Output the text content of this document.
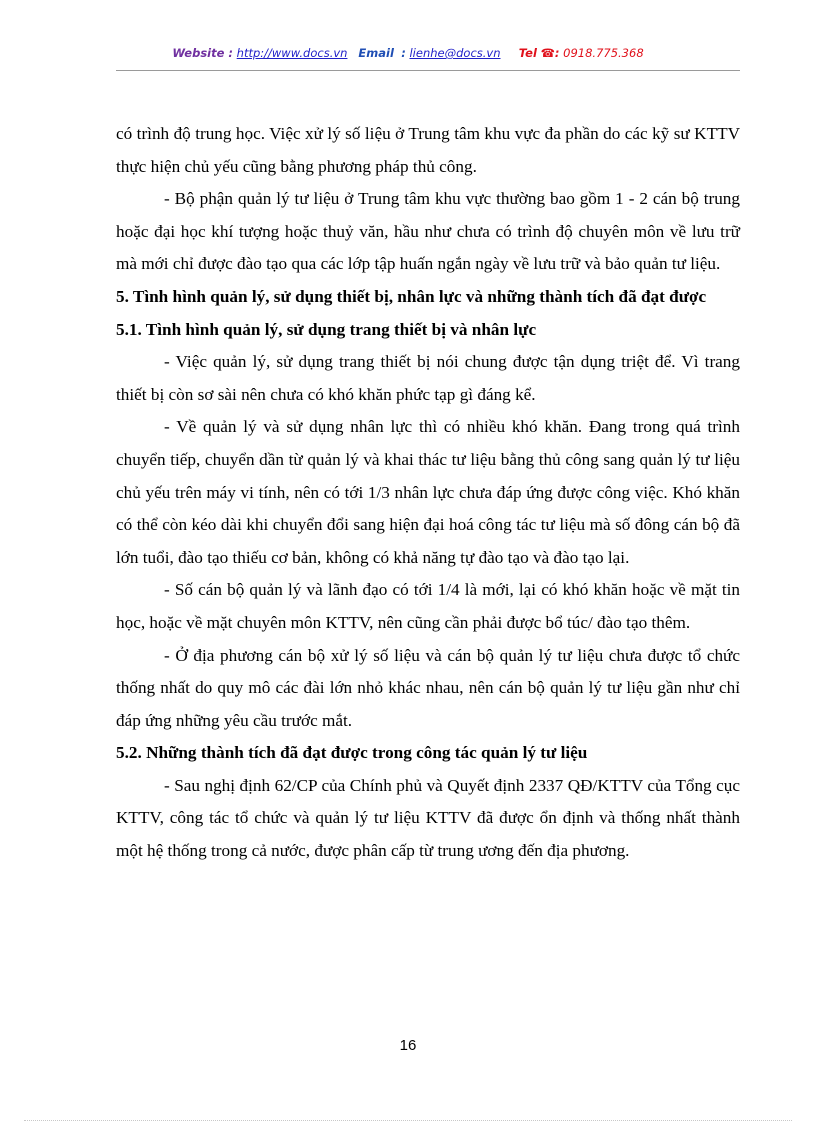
Website : http://www.docs.vn Email : lienhe@docs.vn Tel ☎: 0918.775.368

có trình độ trung học. Việc xử lý số liệu ở Trung tâm khu vực đa phần do các kỹ sư KTTV thực hiện chủ yếu cũng bằng phương pháp thủ công.

- Bộ phận quản lý tư liệu ở Trung tâm khu vực thường bao gồm 1 - 2 cán bộ trung hoặc đại học khí tượng hoặc thuỷ văn, hầu như chưa có trình độ chuyên môn về lưu trữ mà mới chỉ được đào tạo qua các lớp tập huấn ngắn ngày về lưu trữ và bảo quản tư liệu.

5. Tình hình quản lý, sử dụng thiết bị, nhân lực và những thành tích đã đạt được
5.1. Tình hình quản lý, sử dụng trang thiết bị và nhân lực

- Việc quản lý, sử dụng trang thiết bị nói chung được tận dụng triệt để. Vì trang thiết bị còn sơ sài nên chưa có khó khăn phức tạp gì đáng kể.

- Về quản lý và sử dụng nhân lực thì có nhiều khó khăn. Đang trong quá trình chuyển tiếp, chuyển dần từ quản lý và khai thác tư liệu bằng thủ công sang quản lý tư liệu chủ yếu trên máy vi tính, nên có tới 1/3 nhân lực chưa đáp ứng được công việc. Khó khăn có thể còn kéo dài khi chuyển đổi sang hiện đại hoá công tác tư liệu mà số đông cán bộ đã lớn tuổi, đào tạo thiếu cơ bản, không có khả năng tự đào tạo và đào tạo lại.

- Số cán bộ quản lý và lãnh đạo có tới 1/4 là mới, lại có khó khăn hoặc về mặt tin học, hoặc về mặt chuyên môn KTTV, nên cũng cần phải được bổ túc/ đào tạo thêm.

- Ở địa phương cán bộ xử lý số liệu và cán bộ quản lý tư liệu chưa được tổ chức thống nhất do quy mô các đài lớn nhỏ khác nhau, nên cán bộ quản lý tư liệu gần như chỉ đáp ứng những yêu cầu trước mắt.

5.2. Những thành tích đã đạt được trong công tác quản lý tư liệu

- Sau nghị định 62/CP của Chính phủ và Quyết định 2337 QĐ/KTTV của Tổng cục KTTV, công tác tổ chức và quản lý tư liệu KTTV đã được ổn định và thống nhất thành một hệ thống trong cả nước, được phân cấp từ trung ương đến địa phương.

16
